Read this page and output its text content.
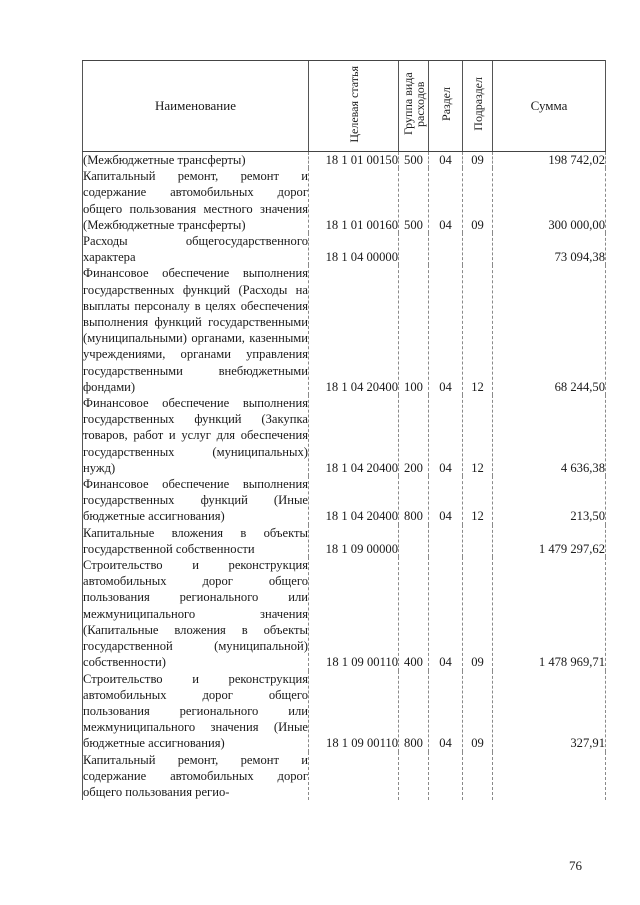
Наименование	Целевая статья	Группа вида расходов	Раздел	Подраздел	Сумма
(Межбюджетные трансферты)	18 1 01 00150	500	04	09	198 742,02
Капитальный ремонт, ремонт и содержание автомобильных дорог общего пользования местного значения (Межбюджетные трансферты)	18 1 01 00160	500	04	09	300 000,00
Расходы общегосударственного характера	18 1 04 00000				73 094,38
Финансовое обеспечение выполнения государственных функций (Расходы на выплаты персоналу в целях обеспечения выполнения функций государственными (муниципальными) органами, казенными учреждениями, органами управления государственными внебюджетными фондами)	18 1 04 20400	100	04	12	68 244,50
Финансовое обеспечение выполнения государственных функций (Закупка товаров, работ и услуг для обеспечения государственных (муниципальных) нужд)	18 1 04 20400	200	04	12	4 636,38
Финансовое обеспечение выполнения государственных функций (Иные бюджетные ассигнования)	18 1 04 20400	800	04	12	213,50
Капитальные вложения в объекты государственной собственности	18 1 09 00000				1 479 297,62
Строительство и реконструкция автомобильных дорог общего пользования регионального или межмуниципального значения (Капитальные вложения в объекты государственной (муниципальной) собственности)	18 1 09 00110	400	04	09	1 478 969,71
Строительство и реконструкция автомобильных дорог общего пользования регионального или межмуниципального значения (Иные бюджетные ассигнования)	18 1 09 00110	800	04	09	327,91
Капитальный ремонт, ремонт и содержание автомобильных дорог общего пользования регио-					
76
